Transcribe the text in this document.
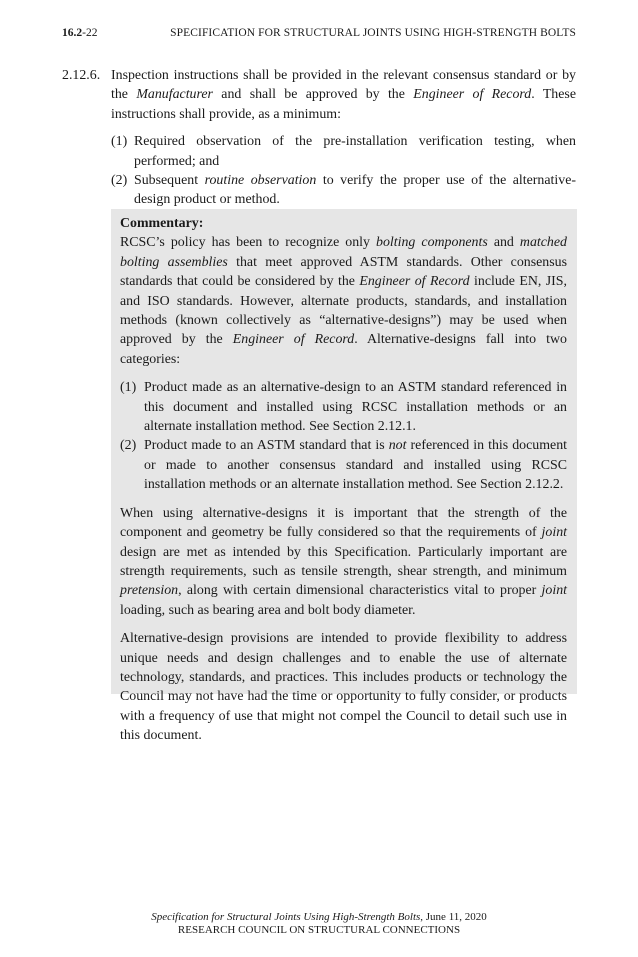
16.2-22	SPECIFICATION FOR STRUCTURAL JOINTS USING HIGH-STRENGTH BOLTS
2.12.6. Inspection instructions shall be provided in the relevant consensus standard or by the Manufacturer and shall be approved by the Engineer of Record. These instructions shall provide, as a minimum:
(1) Required observation of the pre-installation verification testing, when performed; and
(2) Subsequent routine observation to verify the proper use of the alternative-design product or method.
Commentary:

RCSC’s policy has been to recognize only bolting components and matched bolting assemblies that meet approved ASTM standards. Other consensus standards that could be considered by the Engineer of Record include EN, JIS, and ISO standards. However, alternate products, standards, and installation methods (known collectively as “alternative-designs”) may be used when approved by the Engineer of Record. Alternative-designs fall into two categories:

(1) Product made as an alternative-design to an ASTM standard referenced in this document and installed using RCSC installation methods or an alternate installation method. See Section 2.12.1.
(2) Product made to an ASTM standard that is not referenced in this document or made to another consensus standard and installed using RCSC installation methods or an alternate installation method. See Section 2.12.2.

When using alternative-designs it is important that the strength of the component and geometry be fully considered so that the requirements of joint design are met as intended by this Specification. Particularly important are strength requirements, such as tensile strength, shear strength, and minimum pretension, along with certain dimensional characteristics vital to proper joint loading, such as bearing area and bolt body diameter.

Alternative-design provisions are intended to provide flexibility to address unique needs and design challenges and to enable the use of alternate technology, standards, and practices. This includes products or technology the Council may not have had the time or opportunity to fully consider, or products with a frequency of use that might not compel the Council to detail such use in this document.

Specification for Structural Joints Using High-Strength Bolts, June 11, 2020
RESEARCH COUNCIL ON STRUCTURAL CONNECTIONS
